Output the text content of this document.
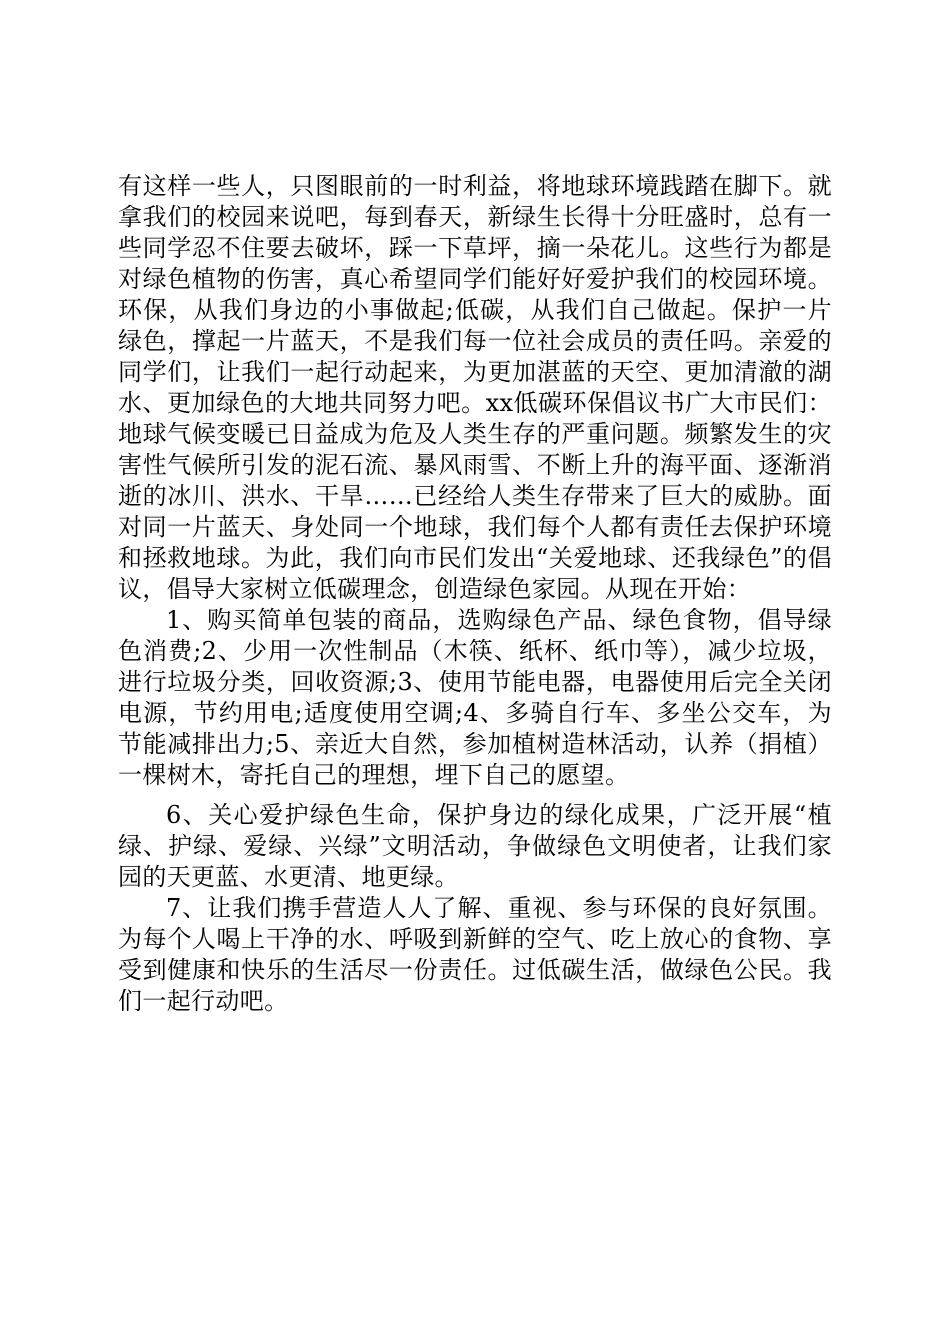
有这样一些人，只图眼前的一时利益，将地球环境践踏在脚下。就拿我们的校园来说吧，每到春天，新绿生长得十分旺盛时，总有一些同学忍不住要去破坏，踩一下草坪，摘一朵花儿。这些行为都是对绿色植物的伤害，真心希望同学们能好好爱护我们的校园环境。环保，从我们身边的小事做起;低碳，从我们自己做起。保护一片绿色，撑起一片蓝天，不是我们每一位社会成员的责任吗。亲爱的同学们，让我们一起行动起来，为更加湛蓝的天空、更加清澈的湖水、更加绿色的大地共同努力吧。xx低碳环保倡议书广大市民们：地球气候变暖已日益成为危及人类生存的严重问题。频繁发生的灾害性气候所引发的泥石流、暴风雨雪、不断上升的海平面、逐渐消逝的冰川、洪水、干旱……已经给人类生存带来了巨大的威胁。面对同一片蓝天、身处同一个地球，我们每个人都有责任去保护环境和拯救地球。为此，我们向市民们发出“关爱地球、还我绿色”的倡议，倡导大家树立低碳理念，创造绿色家园。从现在开始：

1、购买简单包装的商品，选购绿色产品、绿色食物，倡导绿色消费;2、少用一次性制品（木筷、纸杯、纸巾等），减少垃圾，进行垃圾分类，回收资源;3、使用节能电器，电器使用后完全关闭电源，节约用电;适度使用空调;4、多骑自行车、多坐公交车，为节能减排出力;5、亲近大自然，参加植树造林活动，认养（捐植）一棵树木，寄托自己的理想，埋下自己的愿望。

6、关心爱护绿色生命，保护身边的绿化成果，广泛开展“植绿、护绿、爱绿、兴绿”文明活动，争做绿色文明使者，让我们家园的天更蓝、水更清、地更绿。

7、让我们携手营造人人了解、重视、参与环保的良好氛围。为每个人喝上干净的水、呼吸到新鲜的空气、吃上放心的食物、享受到健康和快乐的生活尽一份责任。过低碳生活，做绿色公民。我们一起行动吧。
